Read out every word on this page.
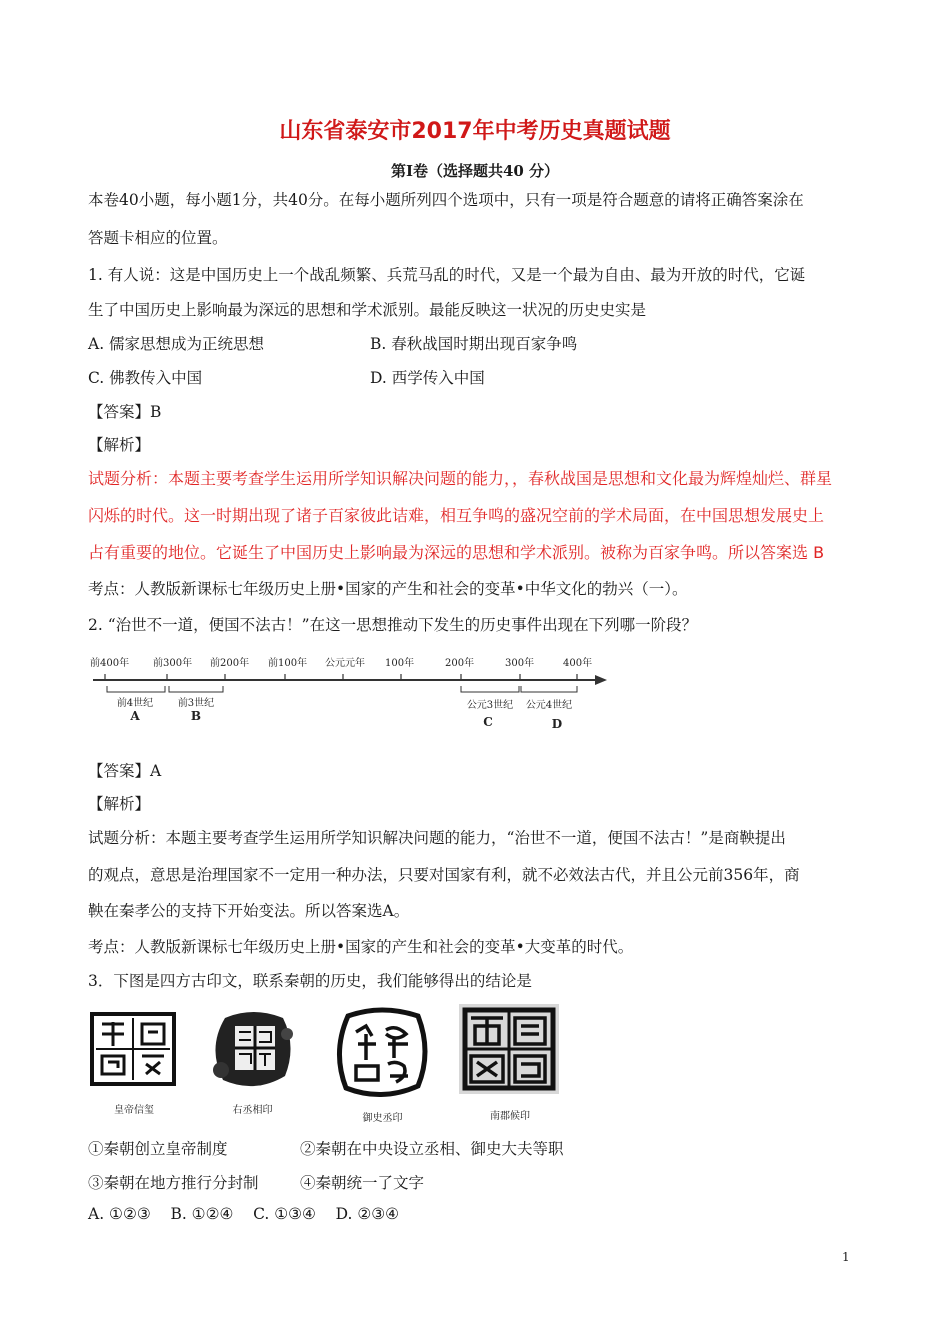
山东省泰安市2017年中考历史真题试题
第Ⅰ卷（选择题共40 分）
本卷40小题，每小题1分，共40分。在每小题所列四个选项中，只有一项是符合题意的请将正确答案涂在
答题卡相应的位置。
1. 有人说：这是中国历史上一个战乱频繁、兵荒马乱的时代，又是一个最为自由、最为开放的时代，它诞
生了中国历史上影响最为深远的思想和学术派别。最能反映这一状况的历史史实是
A. 儒家思想成为正统思想	B. 春秋战国时期出现百家争鸣
C. 佛教传入中国	D. 西学传入中国
【答案】B
【解析】
试题分析：本题主要考查学生运用所学知识解决问题的能力，，春秋战国是思想和文化最为辉煌灿烂、群星
闪烁的时代。这一时期出现了诸子百家彼此诘难，相互争鸣的盛况空前的学术局面，在中国思想发展史上
占有重要的地位。它诞生了中国历史上影响最为深远的思想和学术派别。被称为百家争鸣。所以答案选 B
考点：人教版新课标七年级历史上册•国家的产生和社会的变革•中华文化的勃兴（一）。
2. “治世不一道，便国不法古！”在这一思想推动下发生的历史事件出现在下列哪一阶段？
前400年 前300年 前200年 前100年 公元元年 100年	200年	300年	400年
前4世纪 前3世纪	公元3世纪 公元4世纪
A	B	C	D
【答案】A
【解析】
试题分析：本题主要考查学生运用所学知识解决问题的能力，“治世不一道，便国不法古！”是商鞅提出
的观点，意思是治理国家不一定用一种办法，只要对国家有利，就不必效法古代，并且公元前356年，商
鞅在秦孝公的支持下开始变法。所以答案选A。
考点：人教版新课标七年级历史上册•国家的产生和社会的变革•大变革的时代。
3．下图是四方古印文，联系秦朝的历史，我们能够得出的结论是
皇帝信玺	右丞相印
御史丞印	南郡候印
①秦朝创立皇帝制度	②秦朝在中央设立丞相、御史大夫等职
③秦朝在地方推行分封制	④秦朝统一了文字
A. ①②③    B. ①②④    C. ①③④    D. ②③④
1
